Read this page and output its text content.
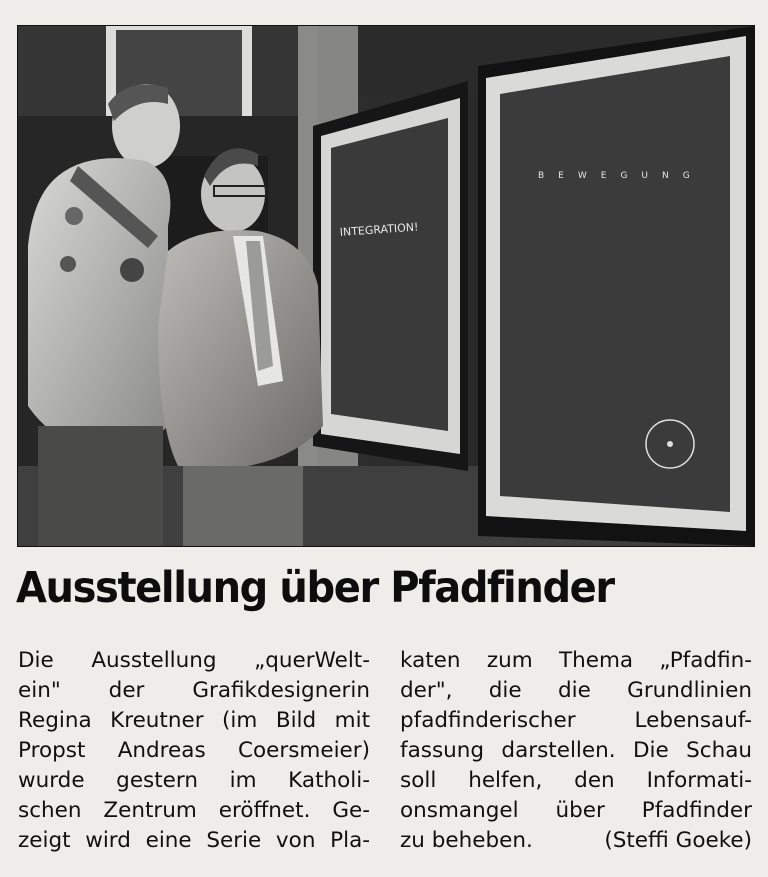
INTEGRATION!
BEWEGUNG
Ausstellung über Pfadfinder
Die Ausstellung „querWelt-
ein" der Grafikdesignerin
Regina Kreutner (im Bild mit
Propst Andreas Coersmeier)
wurde gestern im Katholi-
schen Zentrum eröffnet. Ge-
zeigt wird eine Serie von Pla-
katen zum Thema „Pfadfin-
der", die die Grundlinien
pfadfinderischer Lebensauf-
fassung darstellen. Die Schau
soll helfen, den Informati-
onsmangel über Pfadfinder
zu beheben.	(Steffi Goeke)
